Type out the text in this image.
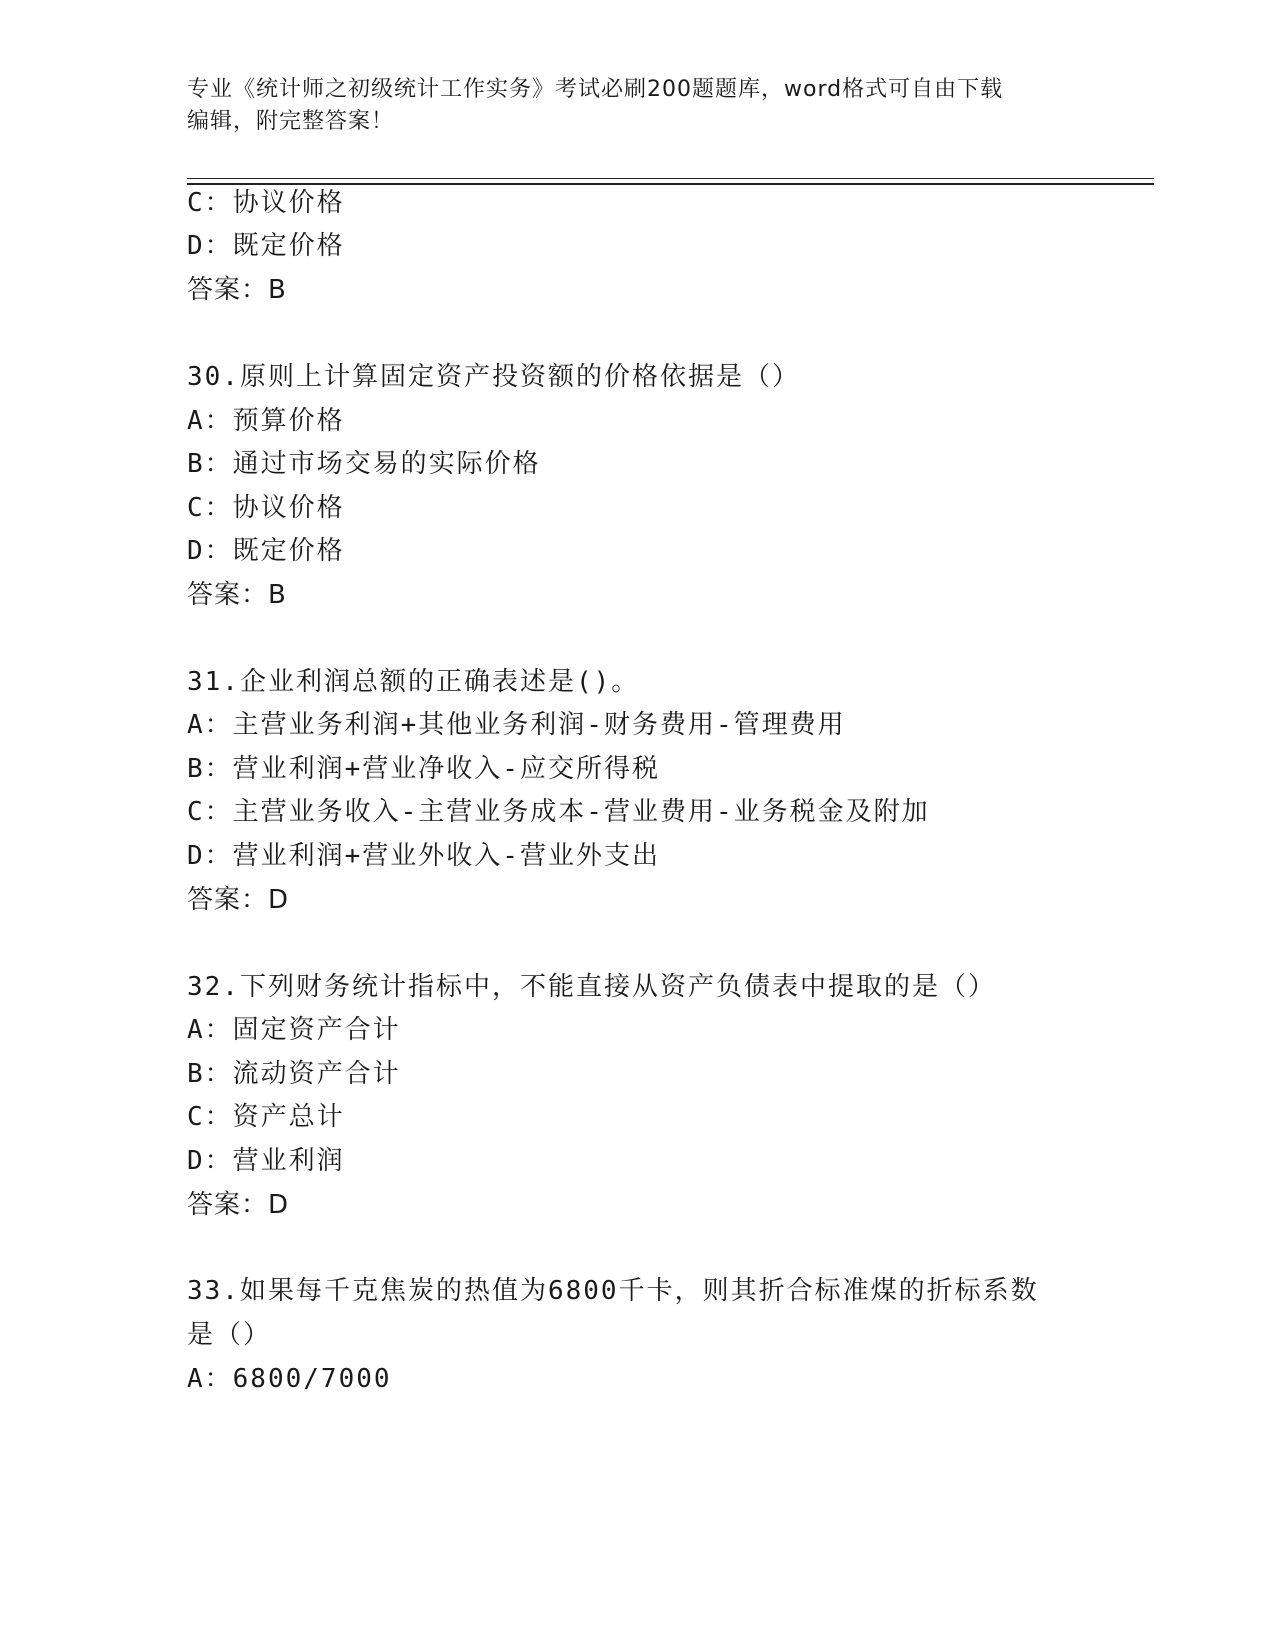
专业《统计师之初级统计工作实务》考试必刷200题题库，word格式可自由下载
编辑，附完整答案！
C：协议价格
D：既定价格
答案：B
30.原则上计算固定资产投资额的价格依据是（）
A：预算价格
B：通过市场交易的实际价格
C：协议价格
D：既定价格
答案：B
31.企业利润总额的正确表述是()。
A：主营业务利润+其他业务利润-财务费用-管理费用
B：营业利润+营业净收入-应交所得税
C：主营业务收入-主营业务成本-营业费用-业务税金及附加
D：营业利润+营业外收入-营业外支出
答案：D
32.下列财务统计指标中，不能直接从资产负债表中提取的是（）
A：固定资产合计
B：流动资产合计
C：资产总计
D：营业利润
答案：D
33.如果每千克焦炭的热值为6800千卡，则其折合标准煤的折标系数
是（）
A：6800/7000
